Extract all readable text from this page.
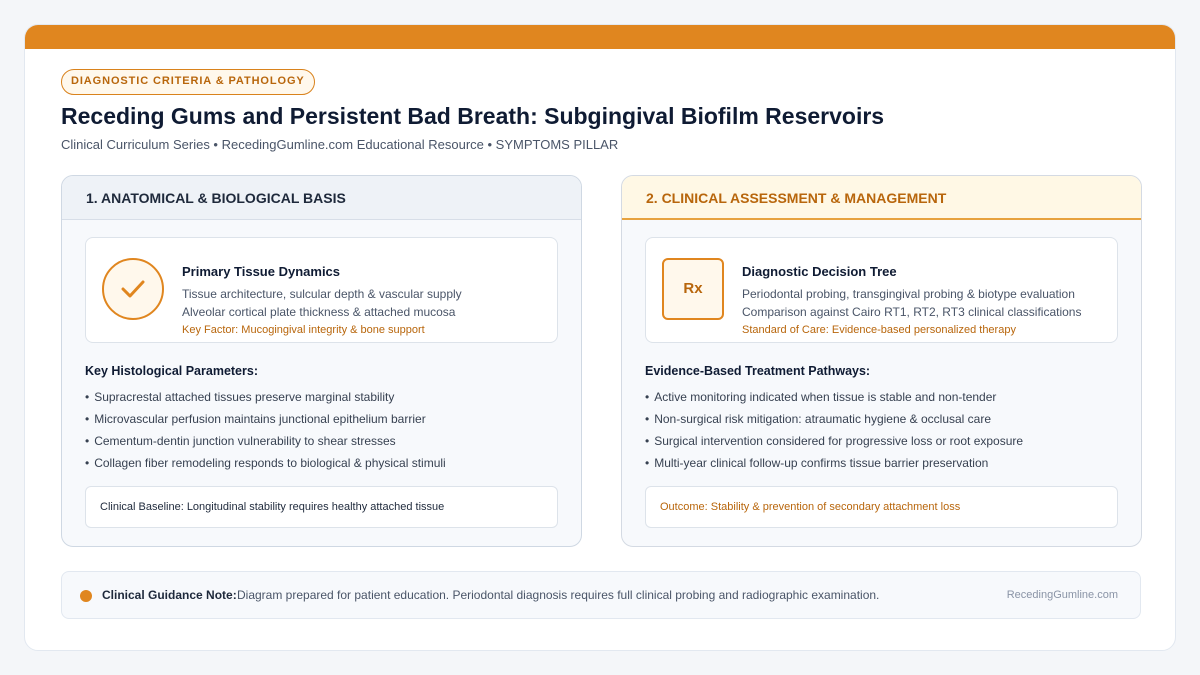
DIAGNOSTIC CRITERIA & PATHOLOGY
Receding Gums and Persistent Bad Breath: Subgingival Biofilm Reservoirs
Clinical Curriculum Series • RecedingGumline.com Educational Resource • SYMPTOMS PILLAR
1. ANATOMICAL & BIOLOGICAL BASIS
Primary Tissue Dynamics
Tissue architecture, sulcular depth & vascular supply
Alveolar cortical plate thickness & attached mucosa
Key Factor: Mucogingival integrity & bone support
Key Histological Parameters:
• Supracrestal attached tissues preserve marginal stability
• Microvascular perfusion maintains junctional epithelium barrier
• Cementum-dentin junction vulnerability to shear stresses
• Collagen fiber remodeling responds to biological & physical stimuli
Clinical Baseline: Longitudinal stability requires healthy attached tissue
2. CLINICAL ASSESSMENT & MANAGEMENT
Rx
Diagnostic Decision Tree
Periodontal probing, transgingival probing & biotype evaluation
Comparison against Cairo RT1, RT2, RT3 clinical classifications
Standard of Care: Evidence-based personalized therapy
Evidence-Based Treatment Pathways:
• Active monitoring indicated when tissue is stable and non-tender
• Non-surgical risk mitigation: atraumatic hygiene & occlusal care
• Surgical intervention considered for progressive loss or root exposure
• Multi-year clinical follow-up confirms tissue barrier preservation
Outcome: Stability & prevention of secondary attachment loss
Clinical Guidance Note: Diagram prepared for patient education. Periodontal diagnosis requires full clinical probing and radiographic examination.	RecedingGumline.com
